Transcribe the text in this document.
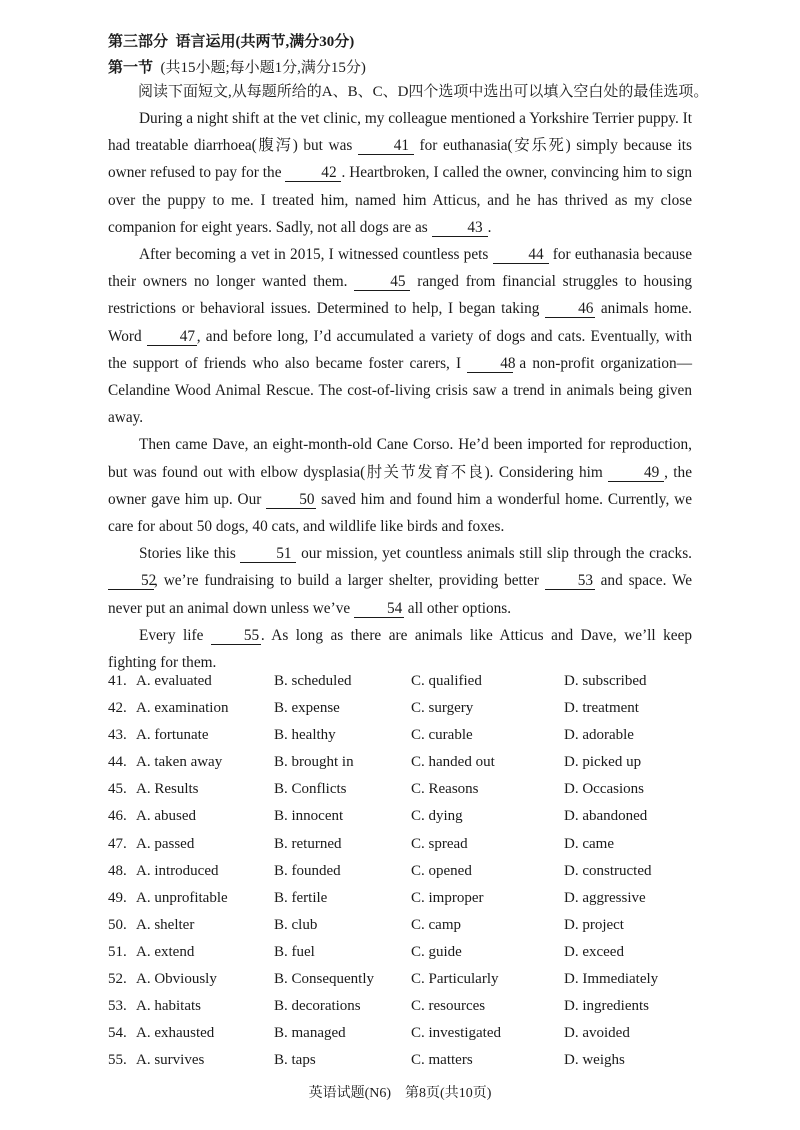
第三部分 语言运用(共两节,满分30分)
第一节 (共15小题;每小题1分,满分15分)
阅读下面短文,从每题所给的A、B、C、D四个选项中选出可以填入空白处的最佳选项。

During a night shift at the vet clinic, my colleague mentioned a Yorkshire Terrier puppy. It had treatable diarrhoea(腹泻) but was 41 for euthanasia(安乐死) simply because its owner refused to pay for the 42 . Heartbroken, I called the owner, convincing him to sign over the puppy to me. I treated him, named him Atticus, and he has thrived as my close companion for eight years. Sadly, not all dogs are as 43 .

After becoming a vet in 2015, I witnessed countless pets 44 for euthanasia because their owners no longer wanted them. 45 ranged from financial struggles to housing restrictions or behavioral issues. Determined to help, I began taking 46 animals home. Word 47 , and before long, I’d accumulated a variety of dogs and cats. Eventually, with the support of friends who also became foster carers, I 48 a non-profit organization—Celandine Wood Animal Rescue. The cost-of-living crisis saw a trend in animals being given away.

Then came Dave, an eight-month-old Cane Corso. He’d been imported for reproduction, but was found out with elbow dysplasia(肘关节发育不良). Considering him 49 , the owner gave him up. Our 50 saved him and found him a wonderful home. Currently, we care for about 50 dogs, 40 cats, and wildlife like birds and foxes.

Stories like this 51 our mission, yet countless animals still slip through the cracks. 52, we’re fundraising to build a larger shelter, providing better 53 and space. We never put an animal down unless we’ve 54 all other options.

Every life 55 . As long as there are animals like Atticus and Dave, we’ll keep fighting for them.

41. A. evaluated	B. scheduled	C. qualified	D. subscribed
42. A. examination	B. expense	C. surgery	D. treatment
43. A. fortunate	B. healthy	C. curable	D. adorable
44. A. taken away	B. brought in	C. handed out	D. picked up
45. A. Results	B. Conflicts	C. Reasons	D. Occasions
46. A. abused	B. innocent	C. dying	D. abandoned
47. A. passed	B. returned	C. spread	D. came
48. A. introduced	B. founded	C. opened	D. constructed
49. A. unprofitable	B. fertile	C. improper	D. aggressive
50. A. shelter	B. club	C. camp	D. project
51. A. extend	B. fuel	C. guide	D. exceed
52. A. Obviously	B. Consequently C. Particularly	D. Immediately
53. A. habitats	B. decorations	C. resources	D. ingredients
54. A. exhausted	B. managed	C. investigated	D. avoided
55. A. survives	B. taps	C. matters	D. weighs
英语试题(N6)　第8页(共10页)
